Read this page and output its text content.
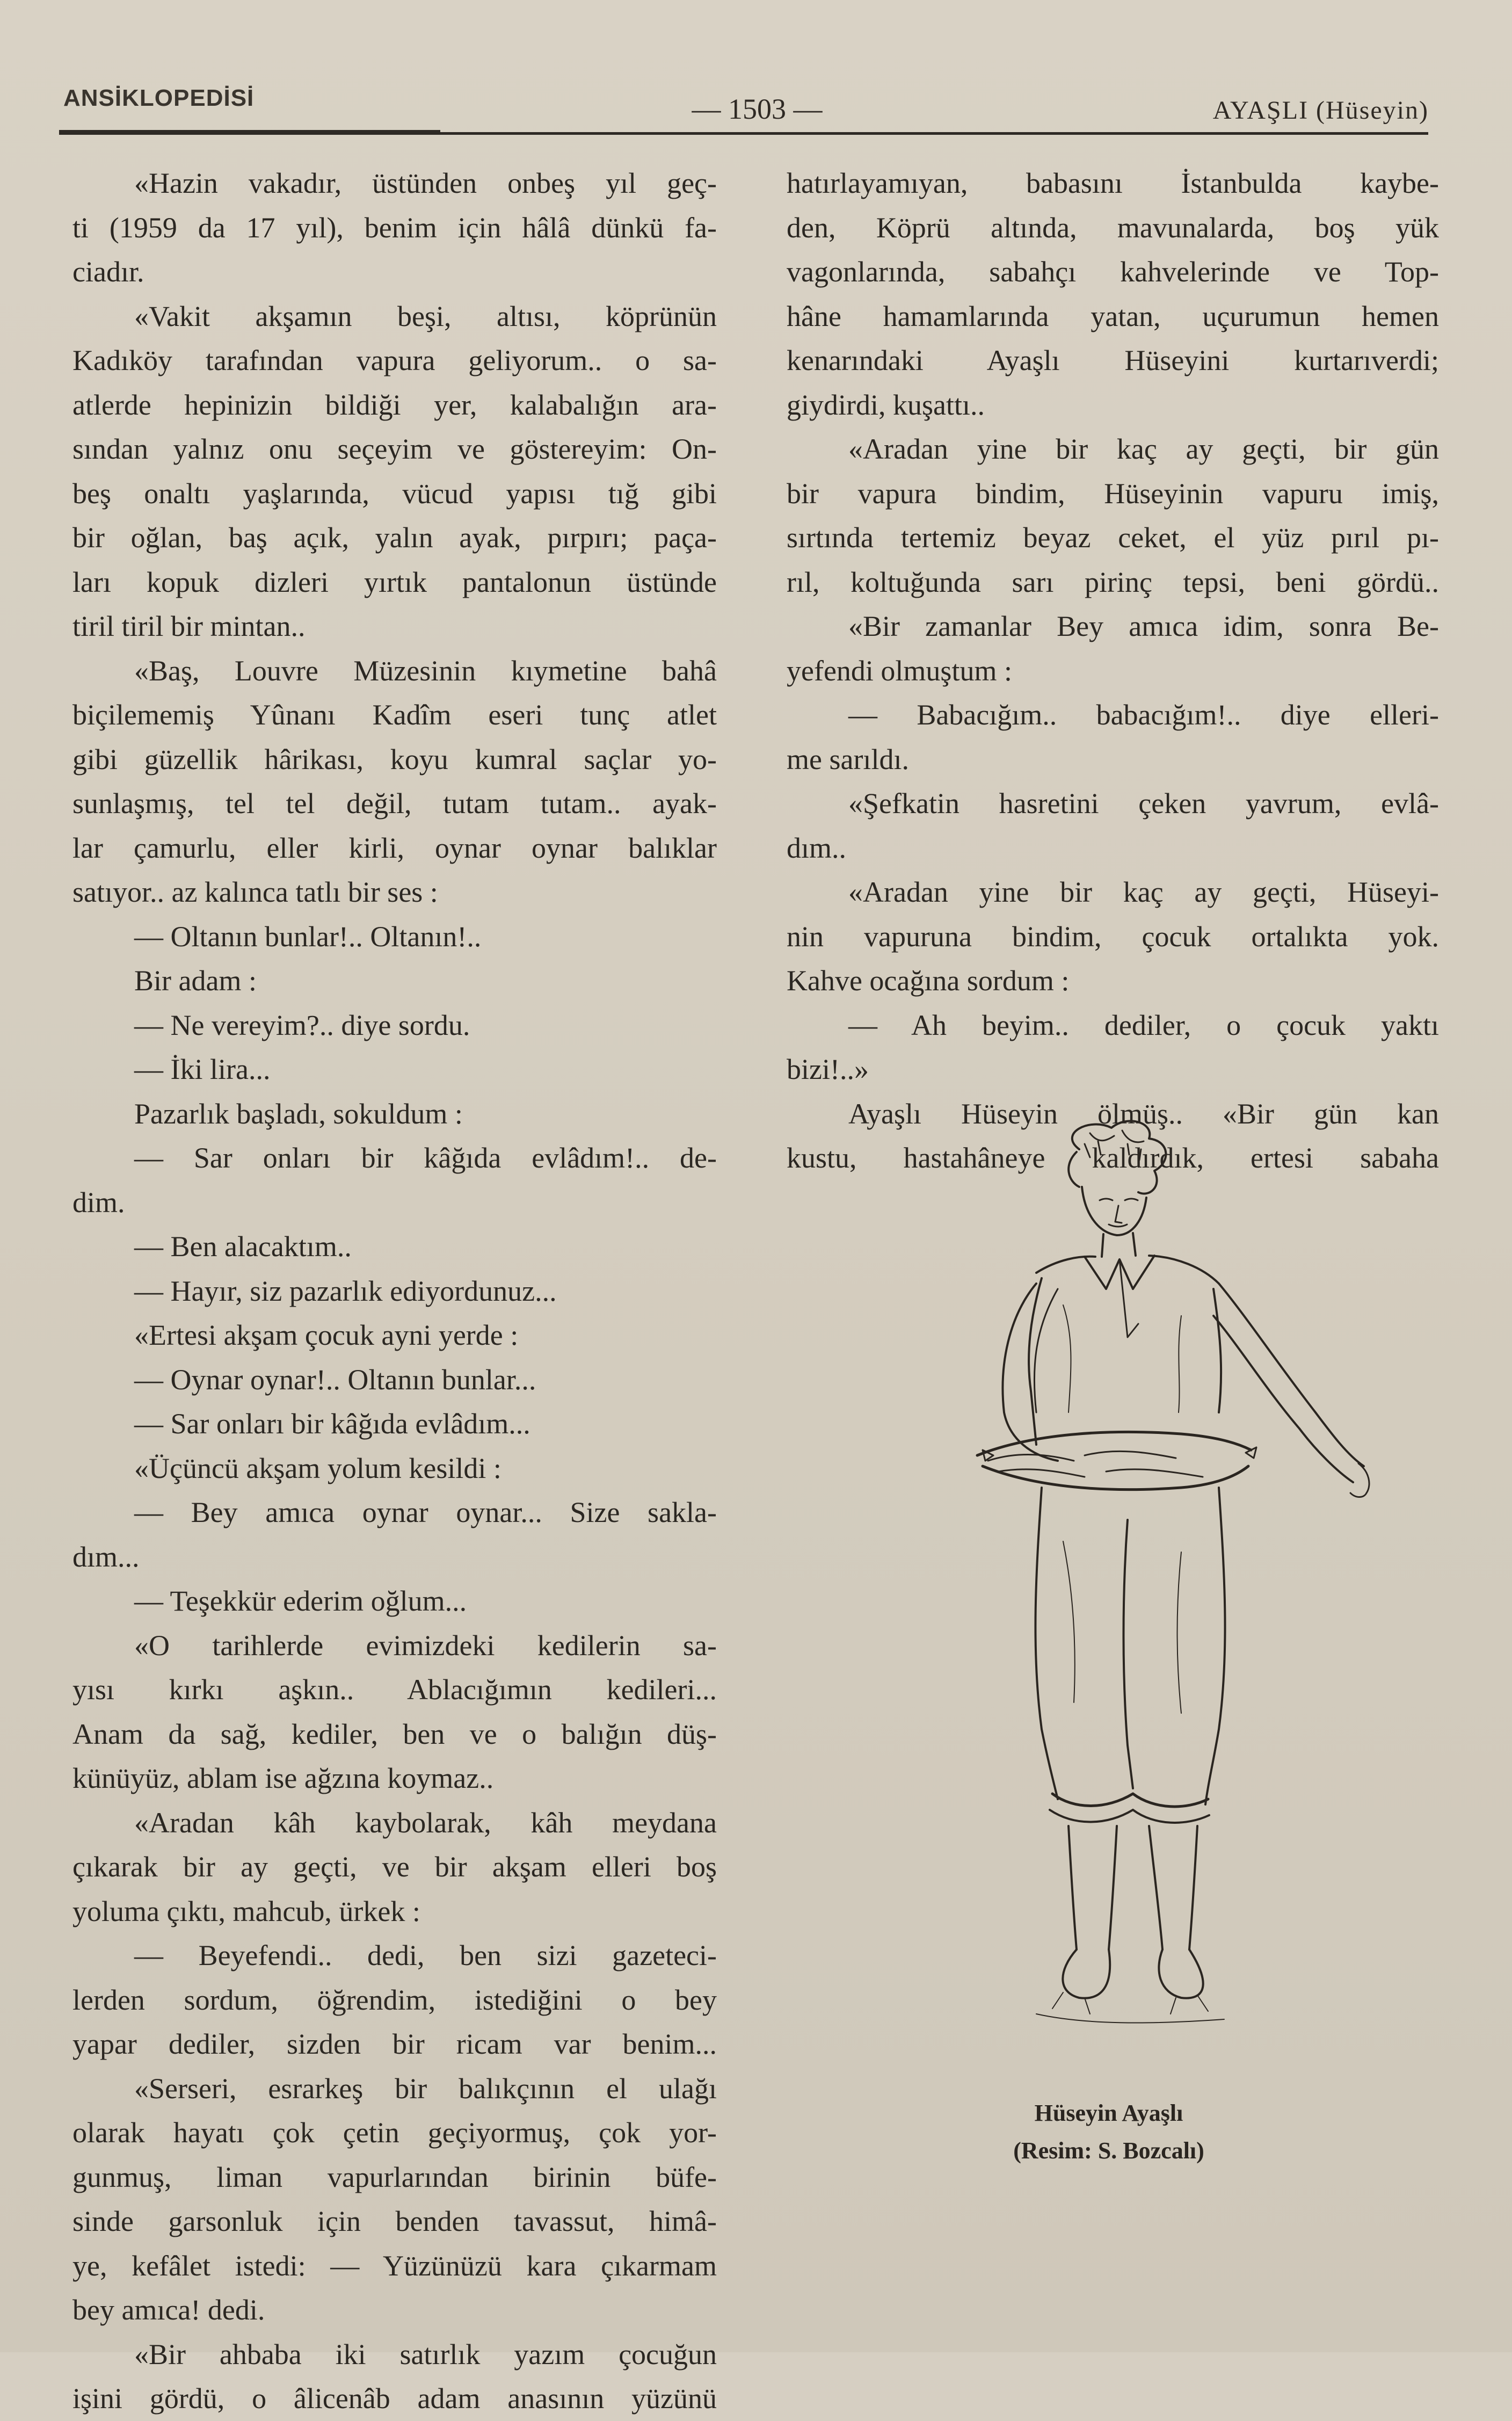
ANSİKLOPEDİSİ	— 1503 —	AYAŞLI (Hüseyin)
«Hazin vakadır, üstünden onbeş yıl geç-
ti (1959 da 17 yıl), benim için hâlâ dünkü fa-
ciadır.
«Vakit akşamın beşi, altısı, köprünün
Kadıköy tarafından vapura geliyorum.. o sa-
atlerde hepinizin bildiği yer, kalabalığın ara-
sından yalnız onu seçeyim ve göstereyim: On-
beş onaltı yaşlarında, vücud yapısı tığ gibi
bir oğlan, baş açık, yalın ayak, pırpırı; paça-
ları kopuk dizleri yırtık pantalonun üstünde
tiril tiril bir mintan..
«Baş, Louvre Müzesinin kıymetine bahâ
biçilememiş Yûnanı Kadîm eseri tunç atlet
gibi güzellik hârikası, koyu kumral saçlar yo-
sunlaşmış, tel tel değil, tutam tutam.. ayak-
lar çamurlu, eller kirli, oynar oynar balıklar
satıyor.. az kalınca tatlı bir ses :
— Oltanın bunlar!.. Oltanın!..
Bir adam :
— Ne vereyim?.. diye sordu.
— İki lira...
Pazarlık başladı, sokuldum :
— Sar onları bir kâğıda evlâdım!.. de-
dim.
— Ben alacaktım..
— Hayır, siz pazarlık ediyordunuz...
«Ertesi akşam çocuk ayni yerde :
— Oynar oynar!.. Oltanın bunlar...
— Sar onları bir kâğıda evlâdım...
«Üçüncü akşam yolum kesildi :
— Bey amıca oynar oynar... Size sakla-
dım...
— Teşekkür ederim oğlum...
«O tarihlerde evimizdeki kedilerin sa-
yısı kırkı aşkın.. Ablacığımın kedileri...
Anam da sağ, kediler, ben ve o balığın düş-
künüyüz, ablam ise ağzına koymaz..
«Aradan kâh kaybolarak, kâh meydana
çıkarak bir ay geçti, ve bir akşam elleri boş
yoluma çıktı, mahcub, ürkek :
— Beyefendi.. dedi, ben sizi gazeteci-
lerden sordum, öğrendim, istediğini o bey
yapar dediler, sizden bir ricam var benim...
«Serseri, esrarkeş bir balıkçının el ulağı
olarak hayatı çok çetin geçiyormuş, çok yor-
gunmuş, liman vapurlarından birinin büfe-
sinde garsonluk için benden tavassut, himâ-
ye, kefâlet istedi: — Yüzünüzü kara çıkarmam
bey amıca! dedi.
«Bir ahbaba iki satırlık yazım çocuğun
işini gördü, o âlicenâb adam anasının yüzünü
hatırlayamıyan, babasını İstanbulda kaybe-
den, Köprü altında, mavunalarda, boş yük
vagonlarında, sabahçı kahvelerinde ve Top-
hâne hamamlarında yatan, uçurumun hemen
kenarındaki Ayaşlı Hüseyini kurtarıverdi;
giydirdi, kuşattı..
«Aradan yine bir kaç ay geçti, bir gün
bir vapura bindim, Hüseyinin vapuru imiş,
sırtında tertemiz beyaz ceket, el yüz pırıl pı-
rıl, koltuğunda sarı pirinç tepsi, beni gördü..
«Bir zamanlar Bey amıca idim, sonra Be-
yefendi olmuştum :
— Babacığım.. babacığım!.. diye elleri-
me sarıldı.
«Şefkatin hasretini çeken yavrum, evlâ-
dım..
«Aradan yine bir kaç ay geçti, Hüseyi-
nin vapuruna bindim, çocuk ortalıkta yok.
Kahve ocağına sordum :
— Ah beyim.. dediler, o çocuk yaktı
bizi!..»
Ayaşlı Hüseyin ölmüş.. «Bir gün kan
kustu, hastahâneye kaldırdık, ertesi sabaha
Hüseyin Ayaşlı
(Resim: S. Bozcalı)
